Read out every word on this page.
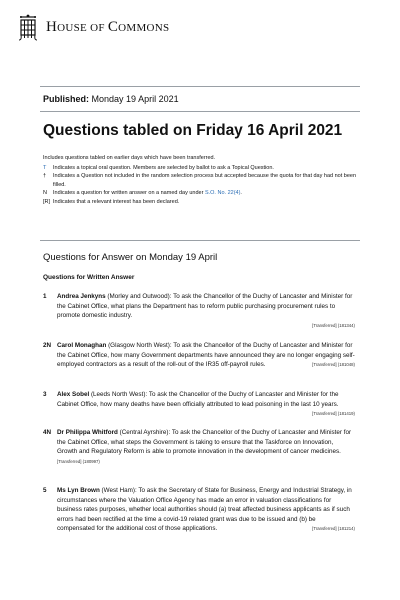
HOUSE OF COMMONS
Published: Monday 19 April 2021
Questions tabled on Friday 16 April 2021
Includes questions tabled on earlier days which have been transferred.
T	Indicates a topical oral question. Members are selected by ballot to ask a Topical Question.
†	Indicates a Question not included in the random selection process but accepted because the quota for that day had not been filled.
N	Indicates a question for written answer on a named day under S.O. No. 22(4).
[R] Indicates that a relevant interest has been declared.
Questions for Answer on Monday 19 April
Questions for Written Answer
1	Andrea Jenkyns (Morley and Outwood): To ask the Chancellor of the Duchy of Lancaster and Minister for the Cabinet Office, what plans the Department has to reform public purchasing procurement rules to promote domestic industry.
[Transferred] (181344)
2N Carol Monaghan (Glasgow North West): To ask the Chancellor of the Duchy of Lancaster and Minister for the Cabinet Office, how many Government departments have announced they are no longer engaging self-employed contractors as a result of the roll-out of the IR35 off-payroll rules.	[Transferred] (181048)
3	Alex Sobel (Leeds North West): To ask the Chancellor of the Duchy of Lancaster and Minister for the Cabinet Office, how many deaths have been officially attributed to lead poisoning in the last 10 years.
[Transferred] (181419)
4N Dr Philippa Whitford (Central Ayrshire): To ask the Chancellor of the Duchy of Lancaster and Minister for the Cabinet Office, what steps the Government is taking to ensure that the Taskforce on Innovation, Growth and Regulatory Reform is able to promote innovation in the development of cancer medicines.
[Transferred] (180997)
5	Ms Lyn Brown (West Ham): To ask the Secretary of State for Business, Energy and Industrial Strategy, in circumstances where the Valuation Office Agency has made an error in valuation classifications for business rates purposes, whether local authorities should (a) treat affected business applicants as if such errors had been rectified at the time a covid-19 related grant was due to be issued and (b) be compensated for the additional cost of those applications.	[Transferred] (181214)
